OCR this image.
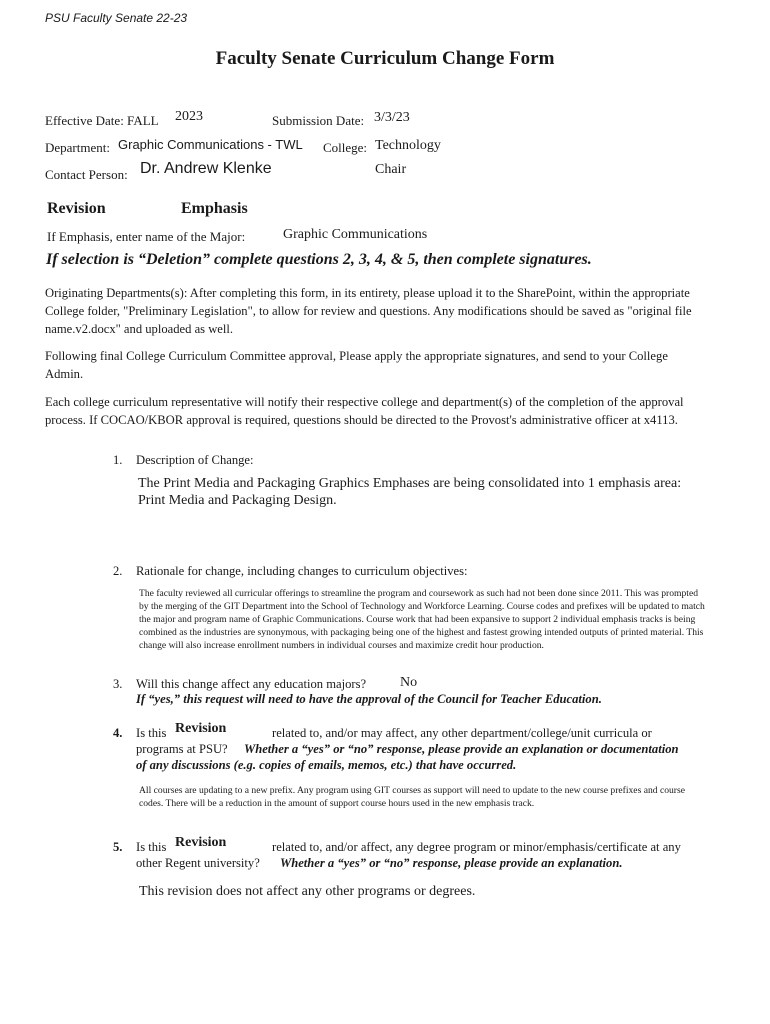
PSU Faculty Senate 22-23
Faculty Senate Curriculum Change Form
Effective Date: FALL 2023	Submission Date: 3/3/23
Department: Graphic Communications - TWL College: Technology
Contact Person: Dr. Andrew Klenke	Chair
Revision	Emphasis
If Emphasis, enter name of the Major:	Graphic Communications
If selection is “Deletion” complete questions 2, 3, 4, & 5, then complete signatures.
Originating Departments(s): After completing this form, in its entirety, please upload it to the SharePoint, within the appropriate College folder, "Preliminary Legislation", to allow for review and questions. Any modifications should be saved as "original file name.v2.docx" and uploaded as well.
Following final College Curriculum Committee approval, Please apply the appropriate signatures, and send to your College Admin.
Each college curriculum representative will notify their respective college and department(s) of the completion of the approval process. If COCAO/KBOR approval is required, questions should be directed to the Provost's administrative officer at x4113.
1. Description of Change:
The Print Media and Packaging Graphics Emphases are being consolidated into 1 emphasis area: Print Media and Packaging Design.
2. Rationale for change, including changes to curriculum objectives:
The faculty reviewed all curricular offerings to streamline the program and coursework as such had not been done since 2011. This was prompted by the merging of the GIT Department into the School of Technology and Workforce Learning. Course codes and prefixes will be updated to match the major and program name of Graphic Communications. Course work that had been expansive to support 2 individual emphasis tracks is being combined as the industries are synonymous, with packaging being one of the highest and fastest growing intended outputs of printed material. This change will also increase enrollment numbers in individual courses and maximize credit hour production.
3. Will this change affect any education majors? No
If “yes,” this request will need to have the approval of the Council for Teacher Education.
4. Is this Revision	related to, and/or may affect, any other department/college/unit curricula or
programs at PSU? Whether a “yes” or “no” response, please provide an explanation or documentation
of any discussions (e.g. copies of emails, memos, etc.) that have occurred.
All courses are updating to a new prefix. Any program using GIT courses as support will need to update to the new course prefixes and course codes. There will be a reduction in the amount of support course hours used in the new emphasis track.
5. Is this Revision	related to, and/or affect, any degree program or minor/emphasis/certificate at any
other Regent university? Whether a “yes” or “no” response, please provide an explanation.
This revision does not affect any other programs or degrees.
